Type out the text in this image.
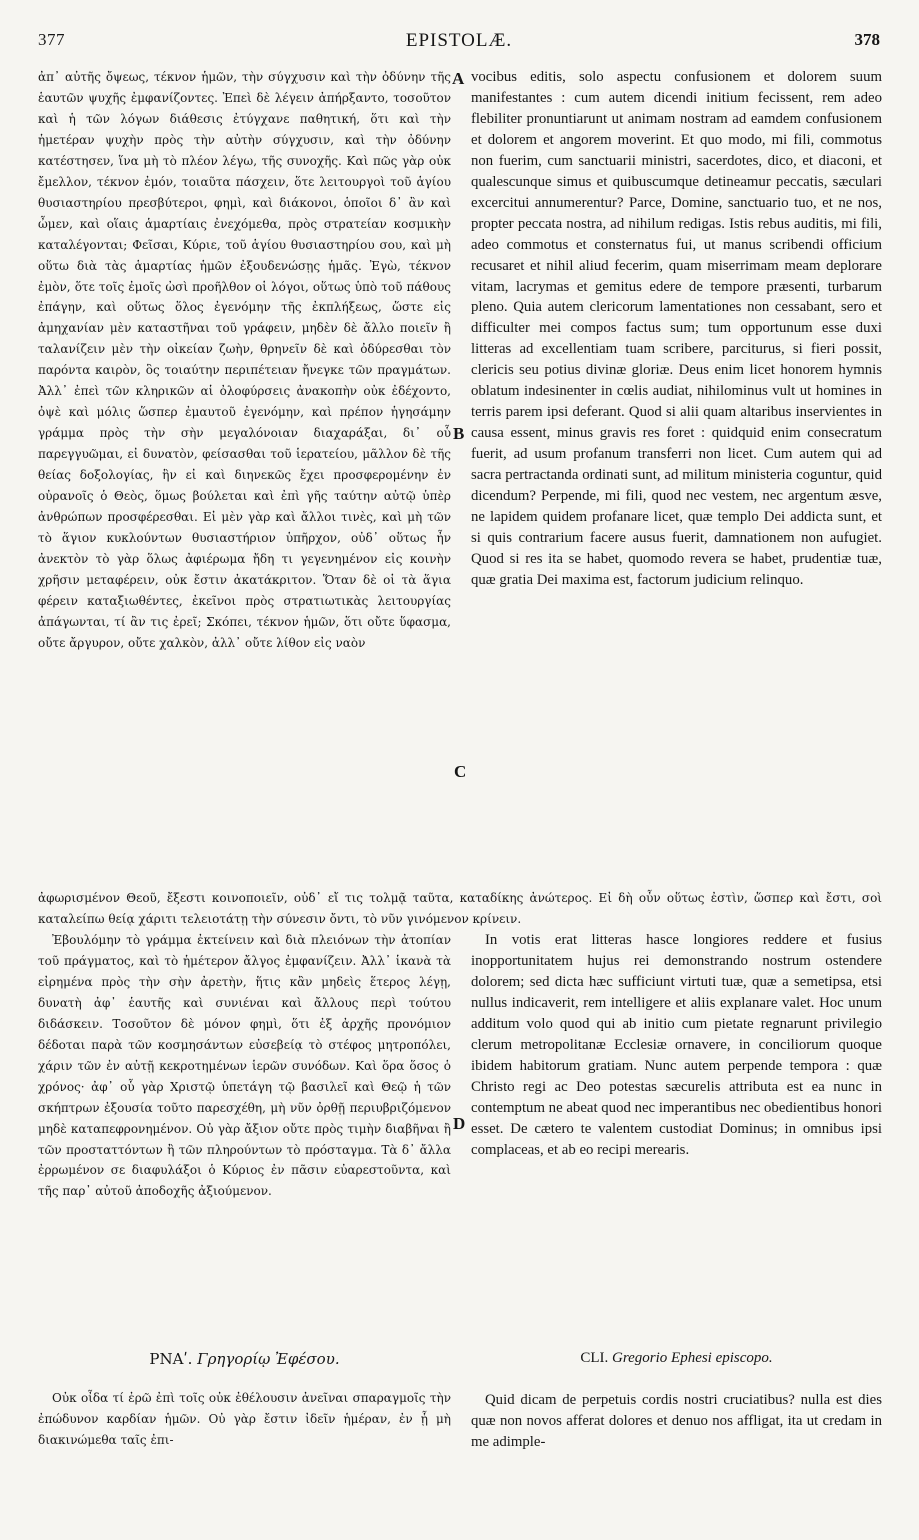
377	EPISTOLÆ.	378
A
B
C
D

ἀπ᾽ αὐτῆς ὄψεως, τέκνον ἡμῶν, τὴν σύγχυσιν καὶ τὴν ὀδύνην τῆς ἑαυτῶν ψυχῆς ἐμφανίζοντες. Ἐπεὶ δὲ λέγειν ἀπήρξαντο, τοσοῦτον καὶ ἡ τῶν λόγων διάθεσις ἐτύγχανε παθητική, ὅτι καὶ τὴν ἡμετέραν ψυχὴν πρὸς τὴν αὐτὴν σύγχυσιν, καὶ τὴν ὀδύνην κατέστησεν, ἵνα μὴ τὸ πλέον λέγω, τῆς συνοχῆς. Καὶ πῶς γὰρ οὐκ ἔμελλον, τέκνον ἐμόν, τοιαῦτα πάσχειν, ὅτε λειτουργοὶ τοῦ ἁγίου θυσιαστηρίου πρεσβύτεροι, φημὶ, καὶ διάκονοι, ὁποῖοι δ᾽ ἂν καὶ ὦμεν, καὶ οἵαις ἁμαρτίαις ἐνεχόμεθα, πρὸς στρατείαν κοσμικὴν καταλέγονται; Φεῖσαι, Κύριε, τοῦ ἁγίου θυσιαστηρίου σου, καὶ μὴ οὕτω διὰ τὰς ἁμαρτίας ἡμῶν ἐξουδενώσῃς ἡμᾶς. Ἐγὼ, τέκνον ἐμὸν, ὅτε τοῖς ἐμοῖς ὠσὶ προῆλθον οἱ λόγοι, οὕτως ὑπὸ τοῦ πάθους ἐπάγην, καὶ οὕτως ὅλος ἐγενόμην τῆς ἐκπλήξεως, ὥστε εἰς ἀμηχανίαν μὲν καταστῆναι τοῦ γράφειν, μηδὲν δὲ ἄλλο ποιεῖν ἢ ταλανίζειν μὲν τὴν οἰκείαν ζωὴν, θρηνεῖν δὲ καὶ ὀδύρεσθαι τὸν παρόντα καιρὸν, ὃς τοιαύτην περιπέτειαν ἤνεγκε τῶν πραγμάτων. Ἀλλ᾽ ἐπεὶ τῶν κληρικῶν αἱ ὀλοφύρσεις ἀνακοπὴν οὐκ ἐδέχοντο, ὀψὲ καὶ μόλις ὥσπερ ἐμαυτοῦ ἐγενόμην, καὶ πρέπον ἡγησάμην γράμμα πρὸς τὴν σὴν μεγαλόνοιαν διαχαράξαι, δι᾽ οὗ παρεγγυῶμαι, εἰ δυνατὸν, φείσασθαι τοῦ ἱερατείου, μᾶλλον δὲ τῆς θείας δοξολογίας, ἣν εἰ καὶ διηνεκῶς ἔχει προσφερομένην ἐν οὐρανοῖς ὁ Θεὸς, ὅμως βούλεται καὶ ἐπὶ γῆς ταύτην αὐτῷ ὑπὲρ ἀνθρώπων προσφέρεσθαι. Εἰ μὲν γὰρ καὶ ἄλλοι τινὲς, καὶ μὴ τῶν τὸ ἅγιον κυκλούντων θυσιαστήριον ὑπῆρχον, οὐδ᾽ οὕτως ἦν ἀνεκτὸν τὸ γὰρ ὅλως ἀφιέρωμα ἤδη τι γεγενημένον εἰς κοινὴν χρῆσιν μεταφέρειν, οὐκ ἔστιν ἀκατάκριτον. Ὅταν δὲ οἱ τὰ ἅγια φέρειν καταξιωθέντες, ἐκεῖνοι πρὸς στρατιωτικὰς λειτουργίας ἀπάγωνται, τί ἂν τις ἐρεῖ; Σκόπει, τέκνον ἡμῶν, ὅτι οὔτε ὕφασμα, οὔτε ἄργυρον, οὔτε χαλκὸν, ἀλλ᾽ οὔτε λίθον εἰς ναὸν

vocibus editis, solo aspectu confusionem et dolorem suum manifestantes : cum autem dicendi initium fecissent, rem adeo flebiliter pronuntiarunt ut animam nostram ad eamdem confusionem et dolorem et angorem moverint. Et quo modo, mi fili, commotus non fuerim, cum sanctuarii ministri, sacerdotes, dico, et diaconi, et qualescunque simus et quibuscumque detineamur peccatis, sæculari excercitui annumerentur? Parce, Domine, sanctuario tuo, et ne nos, propter peccata nostra, ad nihilum redigas. Istis rebus auditis, mi fili, adeo commotus et consternatus fui, ut manus scribendi officium recusaret et nihil aliud fecerim, quam miserrimam meam deplorare vitam, lacrymas et gemitus edere de tempore præsenti, turbarum pleno. Quia autem clericorum lamentationes non cessabant, sero et difficulter mei compos factus sum; tum opportunum esse duxi litteras ad excellentiam tuam scribere, parciturus, si fieri possit, clericis seu potius divinæ gloriæ. Deus enim licet honorem hymnis oblatum indesinenter in cœlis audiat, nihilominus vult ut homines in terris parem ipsi deferant. Quod si alii quam altaribus inservientes in causa essent, minus gravis res foret : quidquid enim consecratum fuerit, ad usum profanum transferri non licet. Cum autem qui ad sacra pertractanda ordinati sunt, ad militum ministeria coguntur, quid dicendum? Perpende, mi fili, quod nec vestem, nec argentum æsve, ne lapidem quidem profanare licet, quæ templo Dei addicta sunt, et si quis contrarium facere ausus fuerit, damnationem non aufugiet. Quod si res ita se habet, quomodo revera se habet, prudentiæ tuæ, quæ gratia Dei maxima est, factorum judicium relinquo.

ἀφωρισμένον Θεοῦ, ἔξεστι κοινοποιεῖν, οὐδ᾽ εἴ τις τολμᾷ ταῦτα, καταδίκης ἀνώτερος. Εἰ δὴ οὖν οὕτως ἐστὶν, ὥσπερ καὶ ἔστι, σοὶ καταλείπω θείᾳ χάριτι τελειοτάτῃ τὴν σύνεσιν ὄντι, τὸ νῦν γινόμενον κρίνειν.

Ἐβουλόμην τὸ γράμμα ἐκτείνειν καὶ διὰ πλειόνων τὴν ἀτοπίαν τοῦ πράγματος, καὶ τὸ ἡμέτερον ἄλγος ἐμφανίζειν. Ἀλλ᾽ ἱκανὰ τὰ εἰρημένα πρὸς τὴν σὴν ἀρετὴν, ἥτις κἂν μηδεὶς ἕτερος λέγῃ, δυνατὴ ἀφ᾽ ἑαυτῆς καὶ συνιέναι καὶ ἄλλους περὶ τούτου διδάσκειν. Τοσοῦτον δὲ μόνον φημὶ, ὅτι ἐξ ἀρχῆς προνόμιον δέδοται παρὰ τῶν κοσμησάντων εὐσεβείᾳ τὸ στέφος μητροπόλει, χάριν τῶν ἐν αὐτῇ κεκροτημένων ἱερῶν συνόδων. Καὶ ὅρα ὅσος ὁ χρόνος· ἀφ᾽ οὗ γὰρ Χριστῷ ὑπετάγη τῷ βασιλεῖ καὶ Θεῷ ἡ τῶν σκήπτρων ἐξουσία τοῦτο παρεσχέθη, μὴ νῦν ὀρθῇ περιυβριζόμενον μηδὲ καταπεφρονημένον. Οὐ γὰρ ἄξιον οὔτε πρὸς τιμὴν διαβῆναι ἢ τῶν προσταττόντων ἢ τῶν πληρούντων τὸ πρόσταγμα. Τὰ δ᾽ ἄλλα ἐρρωμένον σε διαφυλάξοι ὁ Κύριος ἐν πᾶσιν εὐαρεστοῦντα, καὶ τῆς παρ᾽ αὐτοῦ ἀποδοχῆς ἀξιούμενον.

In votis erat litteras hasce longiores reddere et fusius inopportunitatem hujus rei demonstrando nostrum ostendere dolorem; sed dicta hæc sufficiunt virtuti tuæ, quæ a semetipsa, etsi nullus indicaverit, rem intelligere et aliis explanare valet. Hoc unum additum volo quod qui ab initio cum pietate regnarunt privilegio clerum metropolitanæ Ecclesiæ ornavere, in conciliorum quoque ibidem habitorum gratiam. Nunc autem perpende tempora : quæ Christo regi ac Deo potestas sæcurelis attributa est ea nunc in contemptum ne abeat quod nec imperantibus nec obedientibus honori esset. De cætero te valentem custodiat Dominus; in omnibus ipsi complaceas, et ab eo recipi merearis.

ΡΝΑʹ. Γρηγορίῳ Ἐφέσου.	CLI. Gregorio Ephesi episcopo.

Οὐκ οἶδα τί ἐρῶ ἐπὶ τοῖς οὐκ ἐθέλουσιν ἀνεῖναι σπαραγμοῖς τὴν ἐπώδυνον καρδίαν ἡμῶν. Οὐ γὰρ ἔστιν ἰδεῖν ἡμέραν, ἐν ᾗ μὴ διακινώμεθα ταῖς ἐπι-

Quid dicam de perpetuis cordis nostri cruciatibus? nulla est dies quæ non novos afferat dolores et denuo nos affligat, ita ut credam in me adimple-
